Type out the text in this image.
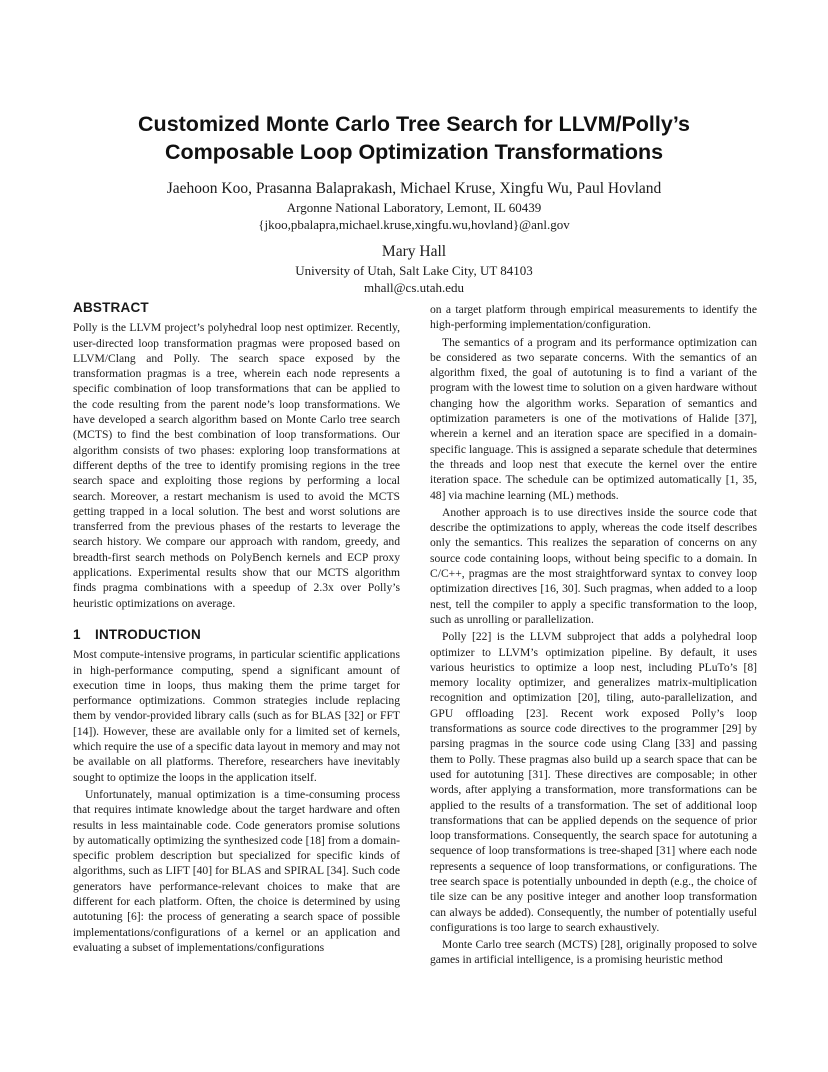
Customized Monte Carlo Tree Search for LLVM/Polly’s
Composable Loop Optimization Transformations
Jaehoon Koo, Prasanna Balaprakash, Michael Kruse, Xingfu Wu, Paul Hovland
Argonne National Laboratory, Lemont, IL 60439
{jkoo,pbalapra,michael.kruse,xingfu.wu,hovland}@anl.gov
Mary Hall
University of Utah, Salt Lake City, UT 84103
mhall@cs.utah.edu
ABSTRACT

Polly is the LLVM project’s polyhedral loop nest optimizer. Recently, user-directed loop transformation pragmas were proposed based on LLVM/Clang and Polly. The search space exposed by the transformation pragmas is a tree, wherein each node represents a specific combination of loop transformations that can be applied to the code resulting from the parent node’s loop transformations. We have developed a search algorithm based on Monte Carlo tree search (MCTS) to find the best combination of loop transformations. Our algorithm consists of two phases: exploring loop transformations at different depths of the tree to identify promising regions in the tree search space and exploiting those regions by performing a local search. Moreover, a restart mechanism is used to avoid the MCTS getting trapped in a local solution. The best and worst solutions are transferred from the previous phases of the restarts to leverage the search history. We compare our approach with random, greedy, and breadth-first search methods on PolyBench kernels and ECP proxy applications. Experimental results show that our MCTS algorithm finds pragma combinations with a speedup of 2.3x over Polly’s heuristic optimizations on average.

1 INTRODUCTION

Most compute-intensive programs, in particular scientific applications in high-performance computing, spend a significant amount of execution time in loops, thus making them the prime target for performance optimizations. Common strategies include replacing them by vendor-provided library calls (such as for BLAS [32] or FFT [14]). However, these are available only for a limited set of kernels, which require the use of a specific data layout in memory and may not be available on all platforms. Therefore, researchers have inevitably sought to optimize the loops in the application itself.

Unfortunately, manual optimization is a time-consuming process that requires intimate knowledge about the target hardware and often results in less maintainable code. Code generators promise solutions by automatically optimizing the synthesized code [18] from a domain-specific problem description but specialized for specific kinds of algorithms, such as LIFT [40] for BLAS and SPIRAL [34]. Such code generators have performance-relevant choices to make that are different for each platform. Often, the choice is determined by using autotuning [6]: the process of generating a search space of possible implementations/configurations of a kernel or an application and evaluating a subset of implementations/configurations

on a target platform through empirical measurements to identify the high-performing implementation/configuration.

The semantics of a program and its performance optimization can be considered as two separate concerns. With the semantics of an algorithm fixed, the goal of autotuning is to find a variant of the program with the lowest time to solution on a given hardware without changing how the algorithm works. Separation of semantics and optimization parameters is one of the motivations of Halide [37], wherein a kernel and an iteration space are specified in a domain-specific language. This is assigned a separate schedule that determines the threads and loop nest that execute the kernel over the entire iteration space. The schedule can be optimized automatically [1, 35, 48] via machine learning (ML) methods.

Another approach is to use directives inside the source code that describe the optimizations to apply, whereas the code itself describes only the semantics. This realizes the separation of concerns on any source code containing loops, without being specific to a domain. In C/C++, pragmas are the most straightforward syntax to convey loop optimization directives [16, 30]. Such pragmas, when added to a loop nest, tell the compiler to apply a specific transformation to the loop, such as unrolling or parallelization.

Polly [22] is the LLVM subproject that adds a polyhedral loop optimizer to LLVM’s optimization pipeline. By default, it uses various heuristics to optimize a loop nest, including PLuTo’s [8] memory locality optimizer, and generalizes matrix-multiplication recognition and optimization [20], tiling, auto-parallelization, and GPU offloading [23]. Recent work exposed Polly’s loop transformations as source code directives to the programmer [29] by parsing pragmas in the source code using Clang [33] and passing them to Polly. These pragmas also build up a search space that can be used for autotuning [31]. These directives are composable; in other words, after applying a transformation, more transformations can be applied to the results of a transformation. The set of additional loop transformations that can be applied depends on the sequence of prior loop transformations. Consequently, the search space for autotuning a sequence of loop transformations is tree-shaped [31] where each node represents a sequence of loop transformations, or configurations. The tree search space is potentially unbounded in depth (e.g., the choice of tile size can be any positive integer and another loop transformation can always be added). Consequently, the number of potentially useful configurations is too large to search exhaustively.

Monte Carlo tree search (MCTS) [28], originally proposed to solve games in artificial intelligence, is a promising heuristic method
